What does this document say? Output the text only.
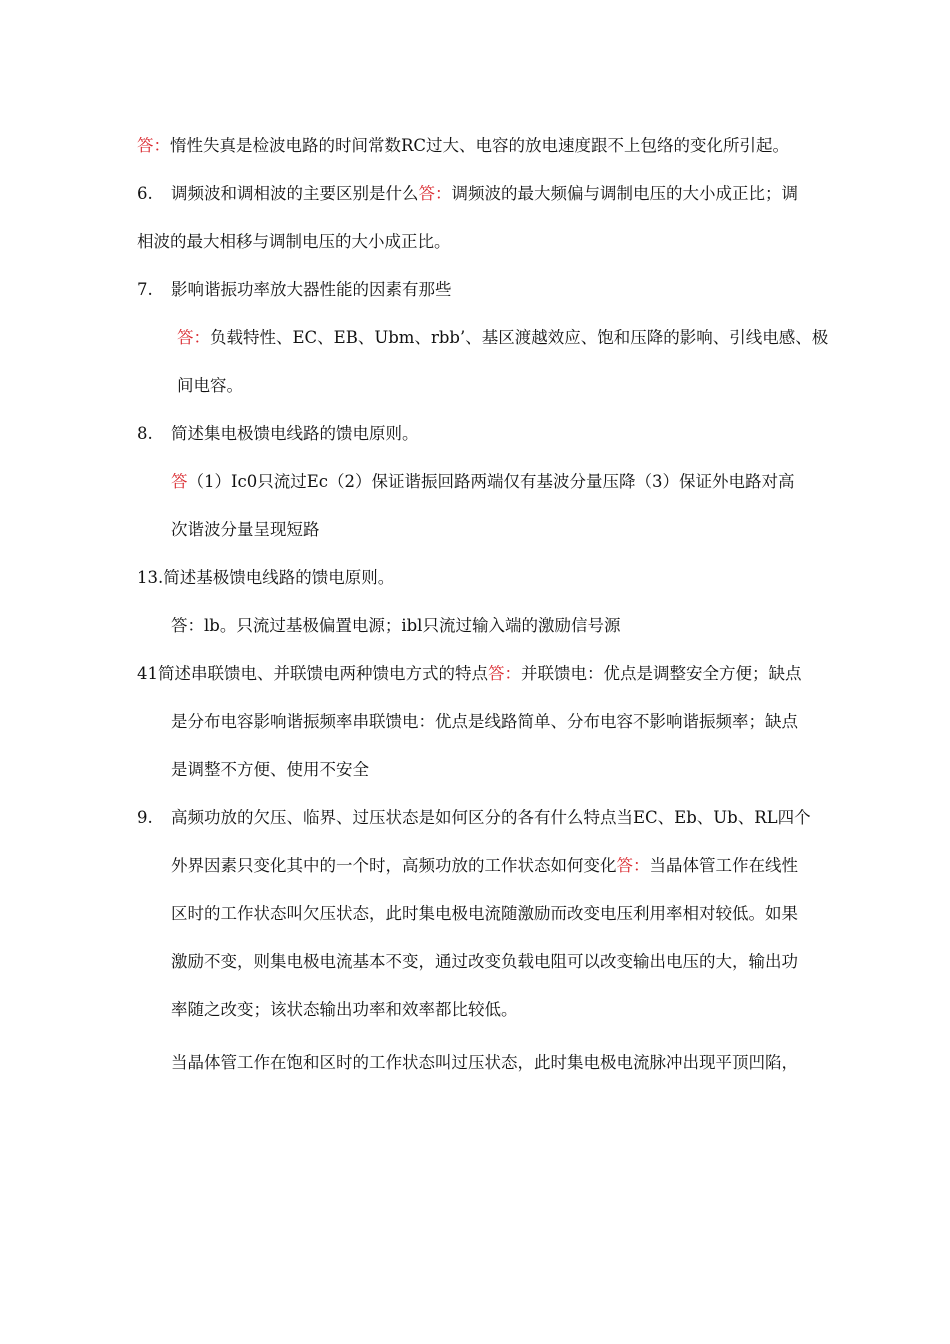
答：惰性失真是检波电路的时间常数RC过大、电容的放电速度跟不上包络的变化所引起。
6. 调频波和调相波的主要区别是什么答：调频波的最大频偏与调制电压的大小成正比；调
相波的最大相移与调制电压的大小成正比。
7. 影响谐振功率放大器性能的因素有那些
答：负载特性、EC、EB、Ubm、rbb’、基区渡越效应、饱和压降的影响、引线电感、极
间电容。
8. 简述集电极馈电线路的馈电原则。
答（1）Ic0只流过Ec（2）保证谐振回路两端仅有基波分量压降（3）保证外电路对高
次谐波分量呈现短路
13.简述基极馈电线路的馈电原则。
答：lb。只流过基极偏置电源；ibl只流过输入端的激励信号源
41简述串联馈电、并联馈电两种馈电方式的特点答：并联馈电：优点是调整安全方便；缺点
是分布电容影响谐振频率串联馈电：优点是线路简单、分布电容不影响谐振频率；缺点
是调整不方便、使用不安全
9. 高频功放的欠压、临界、过压状态是如何区分的各有什么特点当EC、Eb、Ub、RL四个
外界因素只变化其中的一个时，高频功放的工作状态如何变化答：当晶体管工作在线性
区时的工作状态叫欠压状态，此时集电极电流随激励而改变电压利用率相对较低。如果
激励不变，则集电极电流基本不变，通过改变负载电阻可以改变输出电压的大，输出功
率随之改变；该状态输出功率和效率都比较低。
当晶体管工作在饱和区时的工作状态叫过压状态，此时集电极电流脉冲出现平顶凹陷，
